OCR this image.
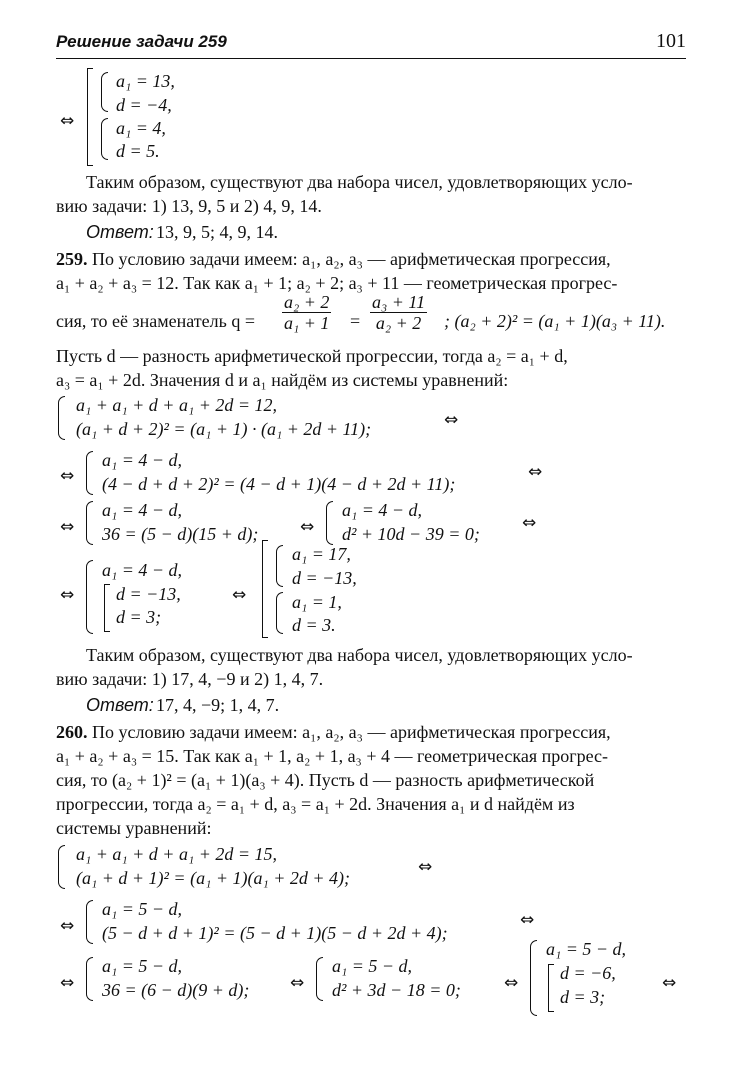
Решение задачи 259	101
⇔
a₁ = 13,
d = −4,
a₁ = 4,
d = 5.
Таким образом, существуют два набора чисел, удовлетворяющих усло-
вию задачи: 1) 13, 9, 5 и 2) 4, 9, 14.
Ответ: 13, 9, 5; 4, 9, 14.
259. По условию задачи имеем: a₁, a₂, a₃ — арифметическая прогрессия,
a₁ + a₂ + a₃ = 12. Так как a₁ + 1; a₂ + 2; a₃ + 11 — геометрическая прогрес-
сия, то её знаменатель $q = \frac{\text{a₂ + 2}}{\text{a₁ + 1}} = \frac{\text{a₃ + 11}}{\text{a₂ + 2}}$ ; (a₂ + 2)² = (a₁ + 1)(a₃ + 11).
Пусть d — разность арифметической прогрессии, тогда a₂ = a₁ + d,
a₃ = a₁ + 2d. Значения d и a₁ найдём из системы уравнений:
a₁ + a₁ + d + a₁ + 2d = 12,
(a₁ + d + 2)² = (a₁ + 1) · (a₁ + 2d + 11);	⇔
⇔
a₁ = 4 − d,
(4 − d + d + 2)² = (4 − d + 1)(4 − d + 2d + 11);
⇔
⇔
a₁ = 4 − d,
36 = (5 − d)(15 + d); ⇔
a₁ = 4 − d,
d² + 10d − 39 = 0;
⇔
⇔
a₁ = 4 − d,
d = −13,
d = 3;
⇔
a₁ = 17,
d = −13,
a₁ = 1,
d = 3.
Таким образом, существуют два набора чисел, удовлетворяющих усло-
вию задачи: 1) 17, 4, −9 и 2) 1, 4, 7.
Ответ: 17, 4, −9; 1, 4, 7.
260. По условию задачи имеем: a₁, a₂, a₃ — арифметическая прогрессия,
a₁ + a₂ + a₃ = 15. Так как a₁ + 1, a₂ + 1, a₃ + 4 — геометрическая прогрес-
сия, то (a₂ + 1)² = (a₁ + 1)(a₃ + 4). Пусть d — разность арифметической
прогрессии, тогда a₂ = a₁ + d, a₃ = a₁ + 2d. Значения a₁ и d найдём из
системы уравнений:
a₁ + a₁ + d + a₁ + 2d = 15,
(a₁ + d + 1)² = (a₁ + 1)(a₁ + 2d + 4);
⇔
⇔
a₁ = 5 − d,
(5 − d + d + 1)² = (5 − d + 1)(5 − d + 2d + 4);
⇔
⇔
a₁ = 5 − d,
36 = (6 − d)(9 + d); ⇔
a₁ = 5 − d,
d² + 3d − 18 = 0;	⇔
a₁ = 5 − d,
d = −6,
d = 3;
⇔
